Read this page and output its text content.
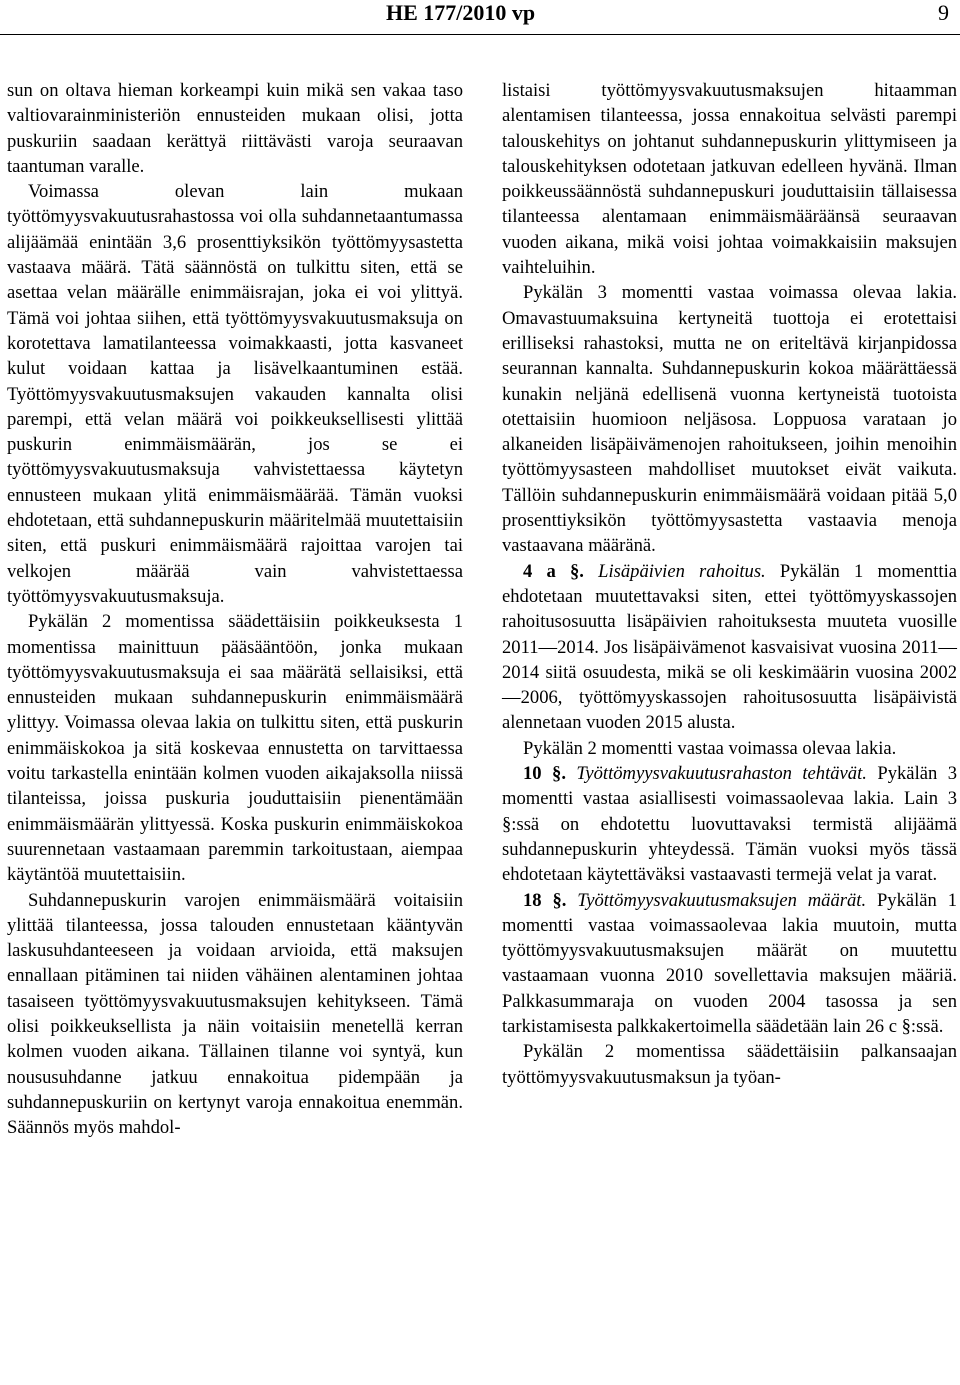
HE 177/2010 vp	9

sun on oltava hieman korkeampi kuin mikä sen vakaa taso valtiovarainministeriön ennusteiden mukaan olisi, jotta puskuriin saadaan kerättyä riittävästi varoja seuraavan taantuman varalle.

Voimassa olevan lain mukaan työttömyysvakuutusrahastossa voi olla suhdannetaantumassa alijäämää enintään 3,6 prosenttiyksikön työttömyysastetta vastaava määrä. Tätä säännöstä on tulkittu siten, että se asettaa velan määrälle enimmäisrajan, joka ei voi ylittyä. Tämä voi johtaa siihen, että työttömyysvakuutusmaksuja on korotettava lamatilanteessa voimakkaasti, jotta kasvaneet kulut voidaan kattaa ja lisävelkaantuminen estää. Työttömyysvakuutusmaksujen vakauden kannalta olisi parempi, että velan määrä voi poikkeuksellisesti ylittää puskurin enimmäismäärän, jos se ei työttömyysvakuutusmaksuja vahvistettaessa käytetyn ennusteen mukaan ylitä enimmäismäärää. Tämän vuoksi ehdotetaan, että suhdannepuskurin määritelmää muutettaisiin siten, että puskuri enimmäismäärä rajoittaa varojen tai velkojen määrää vain vahvistettaessa työttömyysvakuutusmaksuja.

Pykälän 2 momentissa säädettäisiin poikkeuksesta 1 momentissa mainittuun pääsääntöön, jonka mukaan työttömyysvakuutusmaksuja ei saa määrätä sellaisiksi, että ennusteiden mukaan suhdannepuskurin enimmäismäärä ylittyy. Voimassa olevaa lakia on tulkittu siten, että puskurin enimmäiskokoa ja sitä koskevaa ennustetta on tarvittaessa voitu tarkastella enintään kolmen vuoden aikajaksolla niissä tilanteissa, joissa puskuria jouduttaisiin pienentämään enimmäismäärän ylittyessä. Koska puskurin enimmäiskokoa suurennetaan vastaamaan paremmin tarkoitustaan, aiempaa käytäntöä muutettaisiin.

Suhdannepuskurin varojen enimmäismäärä voitaisiin ylittää tilanteessa, jossa talouden ennustetaan kääntyvän laskusuhdanteeseen ja voidaan arvioida, että maksujen ennallaan pitäminen tai niiden vähäinen alentaminen johtaa tasaiseen työttömyysvakuutusmaksujen kehitykseen. Tämä olisi poikkeuksellista ja näin voitaisiin menetellä kerran kolmen vuoden aikana. Tällainen tilanne voi syntyä, kun noususuhdanne jatkuu ennakoitua pidempään ja suhdannepuskuriin on kertynyt varoja ennakoitua enemmän. Säännös myös mahdol-

listaisi työttömyysvakuutusmaksujen hitaamman alentamisen tilanteessa, jossa ennakoitua selvästi parempi talouskehitys on johtanut suhdannepuskurin ylittymiseen ja talouskehityksen odotetaan jatkuvan edelleen hyvänä. Ilman poikkeussäännöstä suhdannepuskuri jouduttaisiin tällaisessa tilanteessa alentamaan enimmäismääräänsä seuraavan vuoden aikana, mikä voisi johtaa voimakkaisiin maksujen vaihteluihin.

Pykälän 3 momentti vastaa voimassa olevaa lakia. Omavastuumaksuina kertyneitä tuottoja ei erotettaisi erilliseksi rahastoksi, mutta ne on eriteltävä kirjanpidossa seurannan kannalta. Suhdannepuskurin kokoa määrättäessä kunakin neljänä edellisenä vuonna kertyneistä tuotoista otettaisiin huomioon neljäsosa. Loppuosa varataan jo alkaneiden lisäpäivämenojen rahoitukseen, joihin menoihin työttömyysasteen mahdolliset muutokset eivät vaikuta. Tällöin suhdannepuskurin enimmäismäärä voidaan pitää 5,0 prosenttiyksikön työttömyysastetta vastaavia menoja vastaavana määränä.

4 a §. Lisäpäivien rahoitus. Pykälän 1 momenttia ehdotetaan muutettavaksi siten, ettei työttömyyskassojen rahoitusosuutta lisäpäivien rahoituksesta muuteta vuosille 2011—2014. Jos lisäpäivämenot kasvaisivat vuosina 2011—2014 siitä osuudesta, mikä se oli keskimäärin vuosina 2002—2006, työttömyyskassojen rahoitusosuutta lisäpäivistä alennetaan vuoden 2015 alusta.

Pykälän 2 momentti vastaa voimassa olevaa lakia.

10 §. Työttömyysvakuutusrahaston tehtävät. Pykälän 3 momentti vastaa asiallisesti voimassaolevaa lakia. Lain 3 §:ssä on ehdotettu luovuttavaksi termistä alijäämä suhdannepuskurin yhteydessä. Tämän vuoksi myös tässä ehdotetaan käytettäväksi vastaavasti termejä velat ja varat.

18 §. Työttömyysvakuutusmaksujen määrät. Pykälän 1 momentti vastaa voimassaolevaa lakia muutoin, mutta työttömyysvakuutusmaksujen määrät on muutettu vastaamaan vuonna 2010 sovellettavia maksujen määriä. Palkkasummaraja on vuoden 2004 tasossa ja sen tarkistamisesta palkkakertoimella säädetään lain 26 c §:ssä.

Pykälän 2 momentissa säädettäisiin palkansaajan työttömyysvakuutusmaksun ja työan-
